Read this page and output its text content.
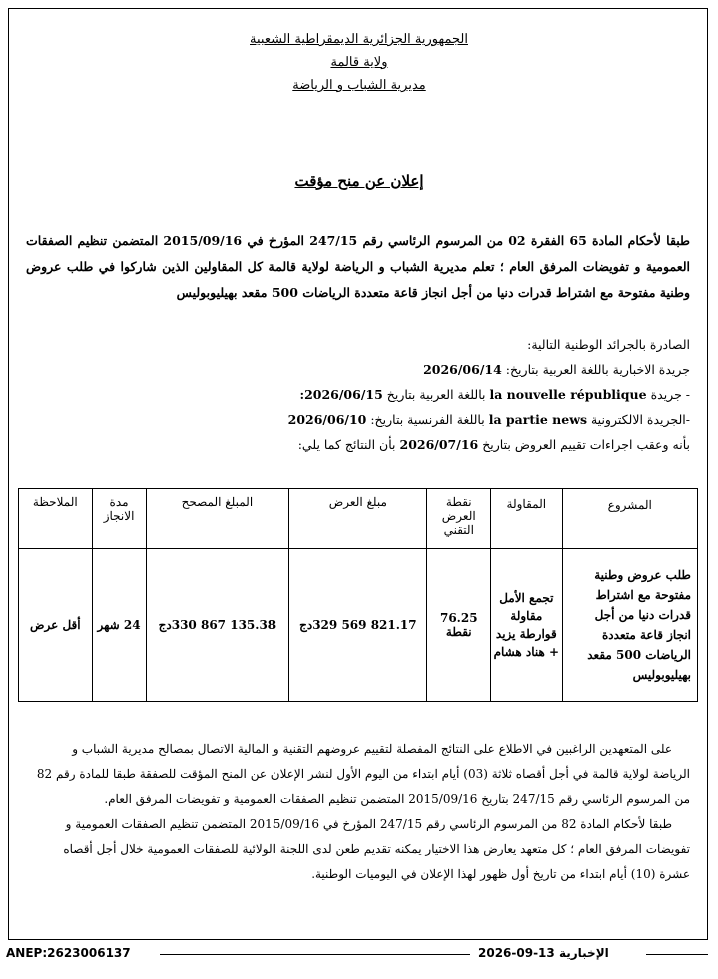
الجمهورية الجزائرية الديمقراطية الشعبية
ولاية قالمة
مديرية الشباب و الرياضة
إعلان عن منح مؤقت
طبقا لأحكام المادة 65 الفقرة 02 من المرسوم الرئاسي رقم 247/15 المؤرخ في 2015/09/16 المتضمن تنظيم الصفقات العمومية و تفويضات المرفق العام ؛ تعلم مديرية الشباب و الرياضة لولاية قالمة كل المقاولين الذين شاركوا في طلب عروض وطنية مفتوحة مع اشتراط قدرات دنيا من أجل انجاز قاعة متعددة الرياضات 500 مقعد بهيليوبوليس
الصادرة بالجرائد الوطنية التالية:
جريدة الاخبارية باللغة العربية بتاريخ: 2026/06/14
- جريدة la nouvelle république باللغة العربية بتاريخ 2026/06/15:
-الجريدة الالكترونية la partie news باللغة الفرنسية بتاريخ: 2026/06/10
بأنه وعقب اجراءات تقييم العروض بتاريخ 2026/07/16 بأن النتائج كما يلي:
المشروع	المقاولة	نقطة العرض التقني	مبلغ العرض	المبلغ المصحح	مدة الانجاز	الملاحظة
طلب عروض وطنية مفتوحة مع اشتراط قدرات دنيا من أجل انجاز قاعة متعددة الرياضات 500 مقعد بهيليوبوليس	تجمع الأمل مقاولة قوارطة يزيد + هناد هشام	76.25 نقطة	821.17 569 329دج	135.38 867 330دج	24 شهر	أقل عرض
على المتعهدين الراغبين في الاطلاع على النتائج المفصلة لتقييم عروضهم التقنية و المالية الاتصال بمصالح مديرية الشباب و
الرياضة لولاية قالمة في أجل أقصاه ثلاثة (03) أيام ابتداء من اليوم الأول لنشر الإعلان عن المنح المؤقت للصفقة طبقا للمادة رقم 82
من المرسوم الرئاسي رقم 247/15 بتاريخ 2015/09/16 المتضمن تنظيم الصفقات العمومية و تفويضات المرفق العام.
طبقا لأحكام المادة 82 من المرسوم الرئاسي رقم 247/15 المؤرخ في 2015/09/16 المتضمن تنظيم الصفقات العمومية و
تفويضات المرفق العام ؛ كل متعهد يعارض هذا الاختيار يمكنه تقديم طعن لدى اللجنة الولائية للصفقات العمومية خلال أجل أقصاه
عشرة (10) أيام ابتداء من تاريخ أول ظهور لهذا الإعلان في اليوميات الوطنية.
ANEP:2623006137	2026-09-13 الإخبارية
